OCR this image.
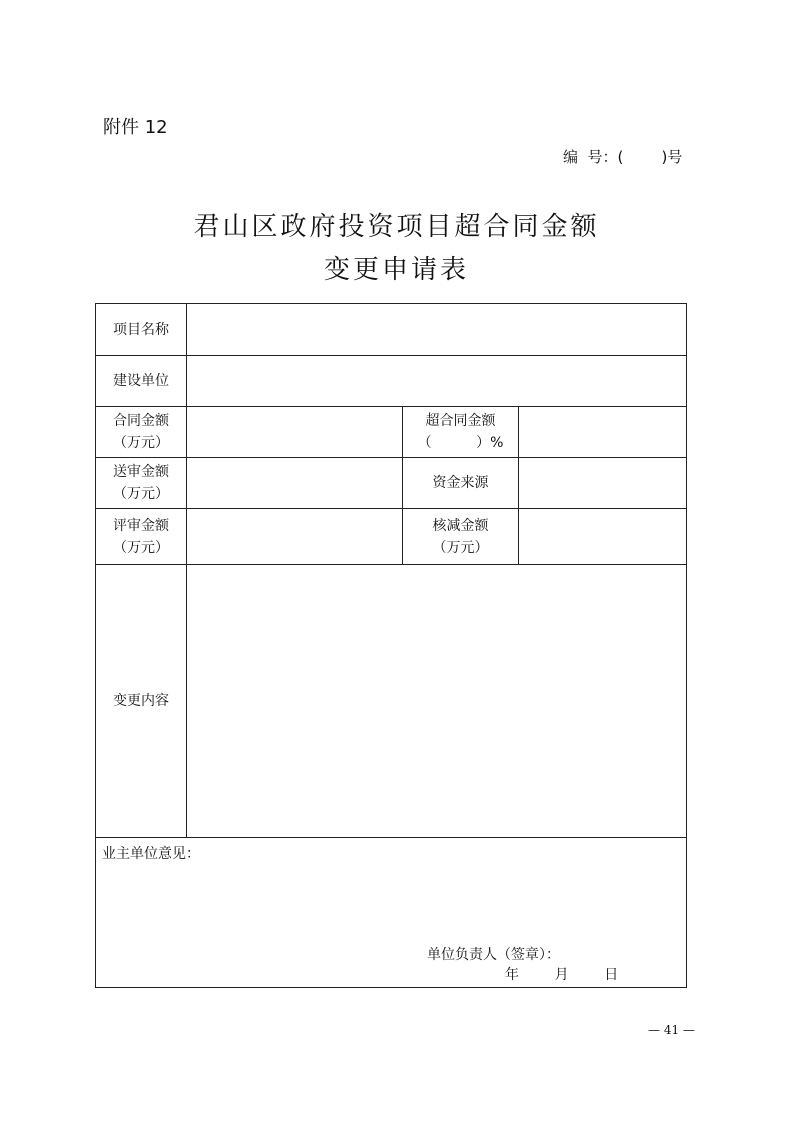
附件 12
编  号：(        )号
君山区政府投资项目超合同金额
变更申请表
项目名称
建设单位
合同金额
（万元）
超合同金额
（          ）%
送审金额
（万元）
资金来源
评审金额
（万元）
核减金额
（万元）
变更内容
业主单位意见：
单位负责人（签章）：
年        月        日
— 41 —
